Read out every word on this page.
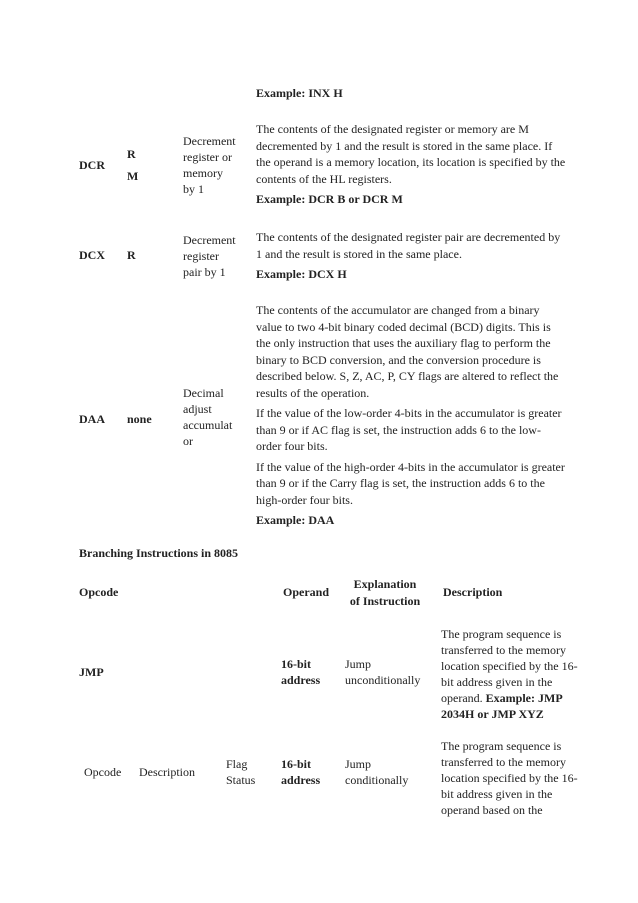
Example: INX H
DCR
R
M
Decrement
register or
memory
by 1

The contents of the designated register or memory are M decremented by 1 and the result is stored in the same place. If the operand is a memory location, its location is specified by the contents of the HL registers.

Example: DCR B or DCR M

DCX R
Decrement
register
pair by 1

The contents of the designated register pair are decremented by 1 and the result is stored in the same place.

Example: DCX H

DAA none
Decimal
adjust
accumulat
or

The contents of the accumulator are changed from a binary value to two 4-bit binary coded decimal (BCD) digits. This is the only instruction that uses the auxiliary flag to perform the binary to BCD conversion, and the conversion procedure is described below. S, Z, AC, P, CY flags are altered to reflect the results of the operation.

If the value of the low-order 4-bits in the accumulator is greater than 9 or if AC flag is set, the instruction adds 6 to the low-order four bits.

If the value of the high-order 4-bits in the accumulator is greater than 9 or if the Carry flag is set, the instruction adds 6 to the high-order four bits.

Example: DAA

Branching Instructions in 8085
Opcode	Operand
Explanation
of Instruction
Description
JMP
16-bit
address
Jump
unconditionally
The program sequence is transferred to the memory location specified by the 16-bit address given in the operand. Example: JMP
2034H or JMP XYZ
Opcode Description
Flag
Status
16-bit
address
Jump
conditionally
The program sequence is transferred to the memory location specified by the 16-bit address given in the operand based on the
